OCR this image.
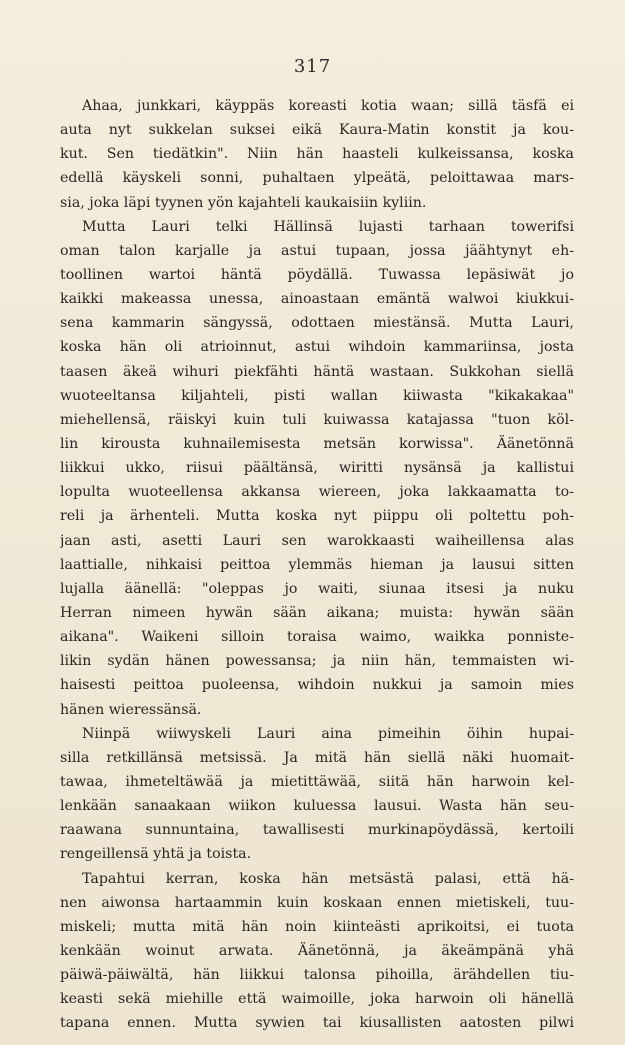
317
Ahaa, junkkari, käyppäs koreasti kotia waan; sillä täsfä ei
auta nyt sukkelan suksei eikä Kaura-Matin konstit ja kou-
kut. Sen tiedätkin". Niin hän haasteli kulkeissansa, koska
edellä käyskeli sonni, puhaltaen ylpeätä, peloittawaa mars-
sia, joka läpi tyynen yön kajahteli kaukaisiin kyliin.
Mutta Lauri telki Hällinsä lujasti tarhaan towerifsi
oman talon karjalle ja astui tupaan, jossa jäähtynyt eh-
toollinen wartoi häntä pöydällä. Tuwassa lepäsiwät jo
kaikki makeassa unessa, ainoastaan emäntä walwoi kiukkui-
sena kammarin sängyssä, odottaen miestänsä. Mutta Lauri,
koska hän oli atrioinnut, astui wihdoin kammariinsa, josta
taasen äkeä wihuri piekfähti häntä wastaan. Sukkohan siellä
wuoteeltansa kiljahteli, pisti wallan kiiwasta "kikakakaa"
miehellensä, räiskyi kuin tuli kuiwassa katajassa "tuon köl-
lin kiroustа kuhnailemisesta metsän korwissa". Äänetönnä
liikkui ukko, riisui päältänsä, wiritti nysänsä ja kallistui
lopulta wuoteellensa akkansa wiereen, joka lakkaamatta to-
reli ja ärhenteli. Mutta koska nyt piippu oli poltettu poh-
jaan asti, asetti Lauri sen warokkaasti waiheillensa alas
laattialle, nihkaisi peittoa ylemmäs hieman ja lausui sitten
lujalla äänellä: "oleppas jo waiti, siunaa itsesi ja nuku
Herran nimeen hywän sään aikana; muista: hywän sään
aikana". Waikeni silloin toraisa waimo, waikka ponniste-
likin sydän hänen powessansa; ja niin hän, temmaisten wi-
haisesti peittoa puoleensa, wihdoin nukkui ja samoin mies
hänen wieressänsä.
Niinpä wiiwyskeli Lauri aina pimeihin öihin hupai-
silla retkillänsä metsissä. Ja mitä hän siellä näki huomait-
tawaa, ihmeteltäwää ja mietittäwää, siitä hän harwoin kel-
lenkään sanaakaan wiikon kuluessa lausui. Wasta hän seu-
raawana sunnuntaina, tawallisesti murkinapöydässä, kertoili
rengeillensä yhtä ja toista.
Tapahtui kerran, koska hän metsästä palasi, että hä-
nen aiwonsa hartaammin kuin koskaan ennen mietiskeli, tuu-
miskeli; mutta mitä hän noin kiinteästi aprikoitsi, ei tuota
kenkään woinut arwata. Äänetönnä, ja äkeämpänä yhä
päiwä-päiwältä, hän liikkui talonsa pihoilla, ärähdellen tiu-
keasti sekä miehille että waimoille, joka harwoin oli hänellä
tapana ennen. Mutta sywien tai kiusallisten aatosten pilwi
